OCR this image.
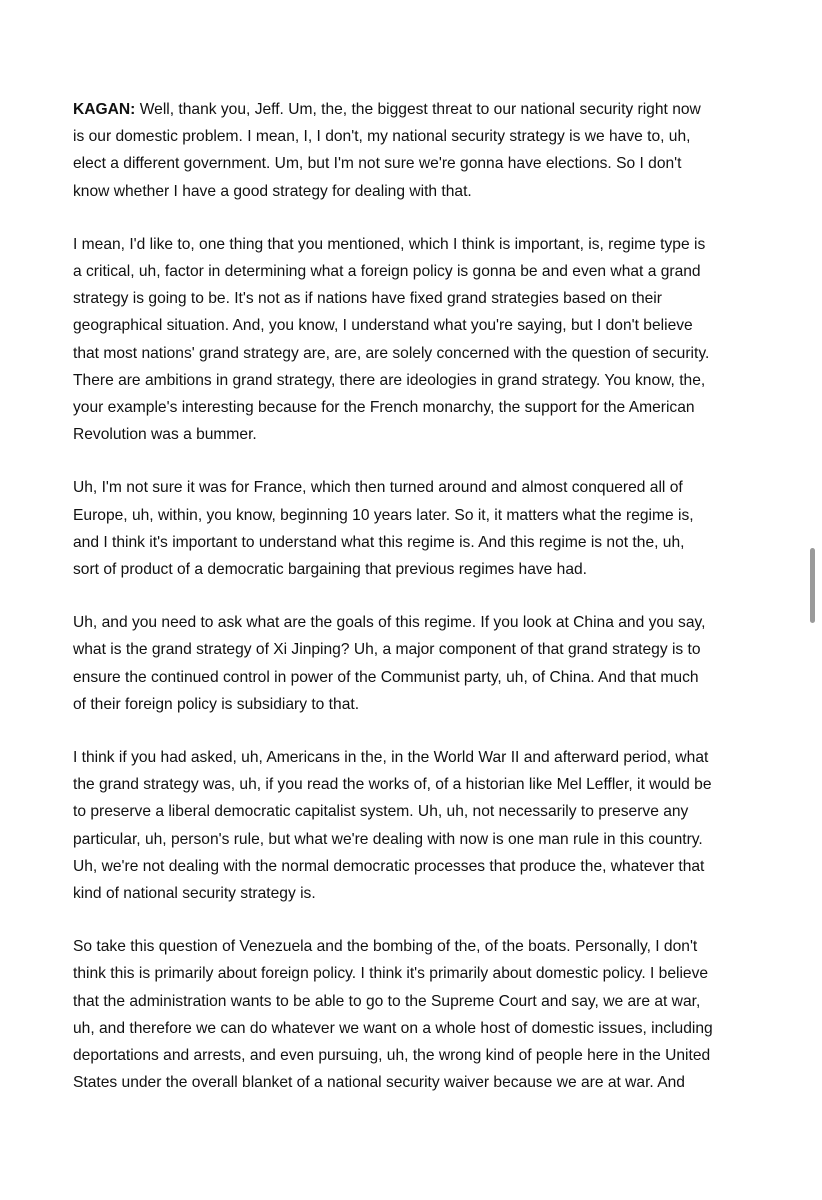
KAGAN: Well, thank you, Jeff. Um, the, the biggest threat to our national security right now
is our domestic problem. I mean, I, I don't, my national security strategy is we have to, uh,
elect a different government. Um, but I'm not sure we're gonna have elections. So I don't
know whether I have a good strategy for dealing with that.

I mean, I'd like to, one thing that you mentioned, which I think is important, is, regime type is
a critical, uh, factor in determining what a foreign policy is gonna be and even what a grand
strategy is going to be. It's not as if nations have fixed grand strategies based on their
geographical situation. And, you know, I understand what you're saying, but I don't believe
that most nations' grand strategy are, are, are solely concerned with the question of security.
There are ambitions in grand strategy, there are ideologies in grand strategy. You know, the,
your example's interesting because for the French monarchy, the support for the American
Revolution was a bummer.

Uh, I'm not sure it was for France, which then turned around and almost conquered all of
Europe, uh, within, you know, beginning 10 years later. So it, it matters what the regime is,
and I think it's important to understand what this regime is. And this regime is not the, uh,
sort of product of a democratic bargaining that previous regimes have had.

Uh, and you need to ask what are the goals of this regime. If you look at China and you say,
what is the grand strategy of Xi Jinping? Uh, a major component of that grand strategy is to
ensure the continued control in power of the Communist party, uh, of China. And that much
of their foreign policy is subsidiary to that.

I think if you had asked, uh, Americans in the, in the World War II and afterward period, what
the grand strategy was, uh, if you read the works of, of a historian like Mel Leffler, it would be
to preserve a liberal democratic capitalist system. Uh, uh, not necessarily to preserve any
particular, uh, person's rule, but what we're dealing with now is one man rule in this country.
Uh, we're not dealing with the normal democratic processes that produce the, whatever that
kind of national security strategy is.

So take this question of Venezuela and the bombing of the, of the boats. Personally, I don't
think this is primarily about foreign policy. I think it's primarily about domestic policy. I believe
that the administration wants to be able to go to the Supreme Court and say, we are at war,
uh, and therefore we can do whatever we want on a whole host of domestic issues, including
deportations and arrests, and even pursuing, uh, the wrong kind of people here in the United
States under the overall blanket of a national security waiver because we are at war. And
